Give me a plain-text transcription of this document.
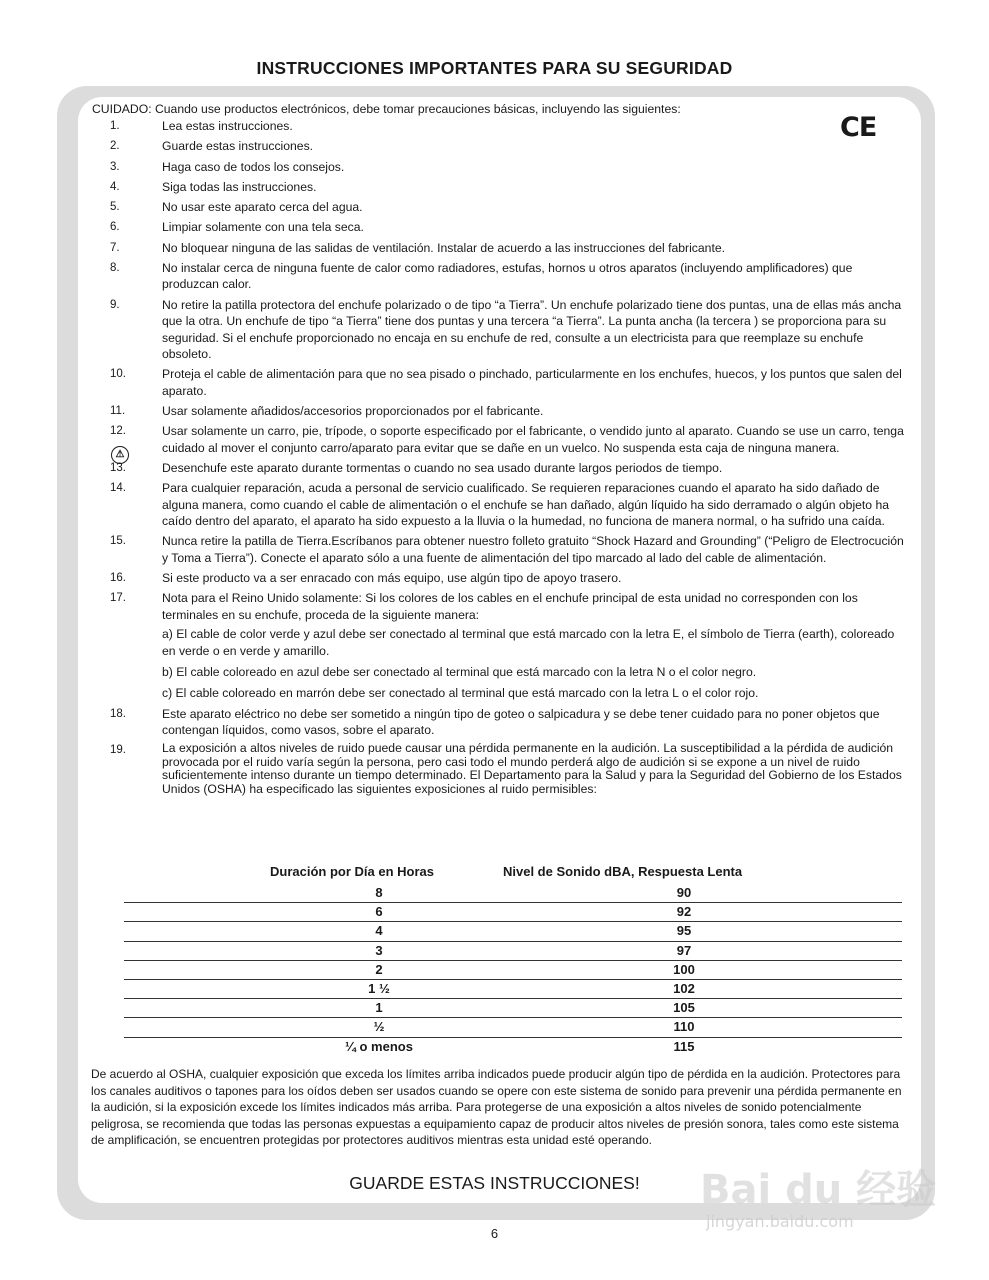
INSTRUCCIONES IMPORTANTES PARA SU SEGURIDAD
CUIDADO: Cuando use productos electrónicos, debe tomar precauciones básicas, incluyendo las siguientes:
CE
1.	Lea estas instrucciones.
2.	Guarde estas instrucciones.
3.	Haga caso de todos los consejos.
4.	Siga todas las instrucciones.
5.	No usar este aparato cerca del agua.
6.	Limpiar solamente con una tela seca.
7.	No bloquear ninguna de las salidas de ventilación. Instalar de acuerdo a las instrucciones del fabricante.
8.	No instalar cerca de ninguna fuente de calor como radiadores, estufas, hornos u otros aparatos (incluyendo amplificadores) que produzcan calor.
9.	No retire la patilla protectora del enchufe polarizado o de tipo “a Tierra”. Un enchufe polarizado tiene dos puntas, una de ellas más ancha que la otra. Un enchufe de tipo “a Tierra” tiene dos puntas y una tercera “a Tierra”. La punta ancha (la tercera ) se proporciona para su seguridad. Si el enchufe proporcionado no encaja en su enchufe de red, consulte a un electricista para que reemplaze su enchufe obsoleto.
10.	Proteja el cable de alimentación para que no sea pisado o pinchado, particularmente en los enchufes, huecos, y los puntos que salen del aparato.
11.	Usar solamente añadidos/accesorios proporcionados por el fabricante.
12.	Usar solamente un carro, pie, trípode, o soporte especificado por el fabricante, o vendido junto al aparato. Cuando se use un carro, tenga cuidado al mover el conjunto carro/aparato para evitar que se dañe en un vuelco. No suspenda esta caja de ninguna manera.
13.	Desenchufe este aparato durante tormentas o cuando no sea usado durante largos periodos de tiempo.
14.	Para cualquier reparación, acuda a personal de servicio cualificado. Se requieren reparaciones cuando el aparato ha sido dañado de alguna manera, como cuando el cable de alimentación o el enchufe se han dañado, algún líquido ha sido derramado o algún objeto ha caído dentro del aparato, el aparato ha sido expuesto a la lluvia o la humedad, no funciona de manera normal, o ha sufrido una caída.
15.	Nunca retire la patilla de Tierra.Escríbanos para obtener nuestro folleto gratuito “Shock Hazard and Grounding” (“Peligro de Electrocución y Toma a Tierra”). Conecte el aparato sólo a una fuente de alimentación del tipo marcado al lado del cable de alimentación.
16.	Si este producto va a ser enracado con más equipo, use algún tipo de apoyo trasero.
17.	Nota para el Reino Unido solamente: Si los colores de los cables en el enchufe principal de esta unidad no corresponden con los terminales en su enchufe, proceda de la siguiente manera:
a) El cable de color verde y azul debe ser conectado al terminal que está marcado con la letra E, el símbolo de Tierra (earth), coloreado en verde o en verde y amarillo.
b) El cable coloreado en azul debe ser conectado al terminal que está marcado con la letra N o el color negro.
c) El cable coloreado en marrón debe ser conectado al terminal que está marcado con la letra L o el color rojo.
18.	Este aparato eléctrico no debe ser sometido a ningún tipo de goteo o salpicadura y se debe tener cuidado para no poner objetos que contengan líquidos, como vasos, sobre el aparato.
19.	La exposición a altos niveles de ruido puede causar una pérdida permanente en la audición. La susceptibilidad a la pérdida de audición provocada por el ruido varía según la persona, pero casi todo el mundo perderá algo de audición si se expone a un nivel de ruido suficientemente intenso durante un tiempo determinado. El Departamento para la Salud y para la Seguridad del Gobierno de los Estados Unidos (OSHA) ha especificado las siguientes exposiciones al ruido permisibles:
⚠
Duración por Día en Horas	Nivel de Sonido dBA, Respuesta Lenta
8	90
6	92
4	95
3	97
2	100
1 ½	102
1	105
½	110
¼ o menos	115
De acuerdo al OSHA, cualquier exposición que exceda los límites arriba indicados puede producir algún tipo de pérdida en la audición. Protectores para los canales auditivos o tapones para los oídos deben ser usados cuando se opere con este sistema de sonido para prevenir una pérdida permanente en la audición, si la exposición excede los límites indicados más arriba. Para protegerse de una exposición a altos niveles de sonido potencialmente peligrosa, se recomienda que todas las personas expuestas a equipamiento capaz de producir altos niveles de presión sonora, tales como este sistema de amplificación, se encuentren protegidas por protectores auditivos mientras esta unidad esté operando.
GUARDE ESTAS INSTRUCCIONES!
6
Bai du 经验
jingyan.baidu.com
